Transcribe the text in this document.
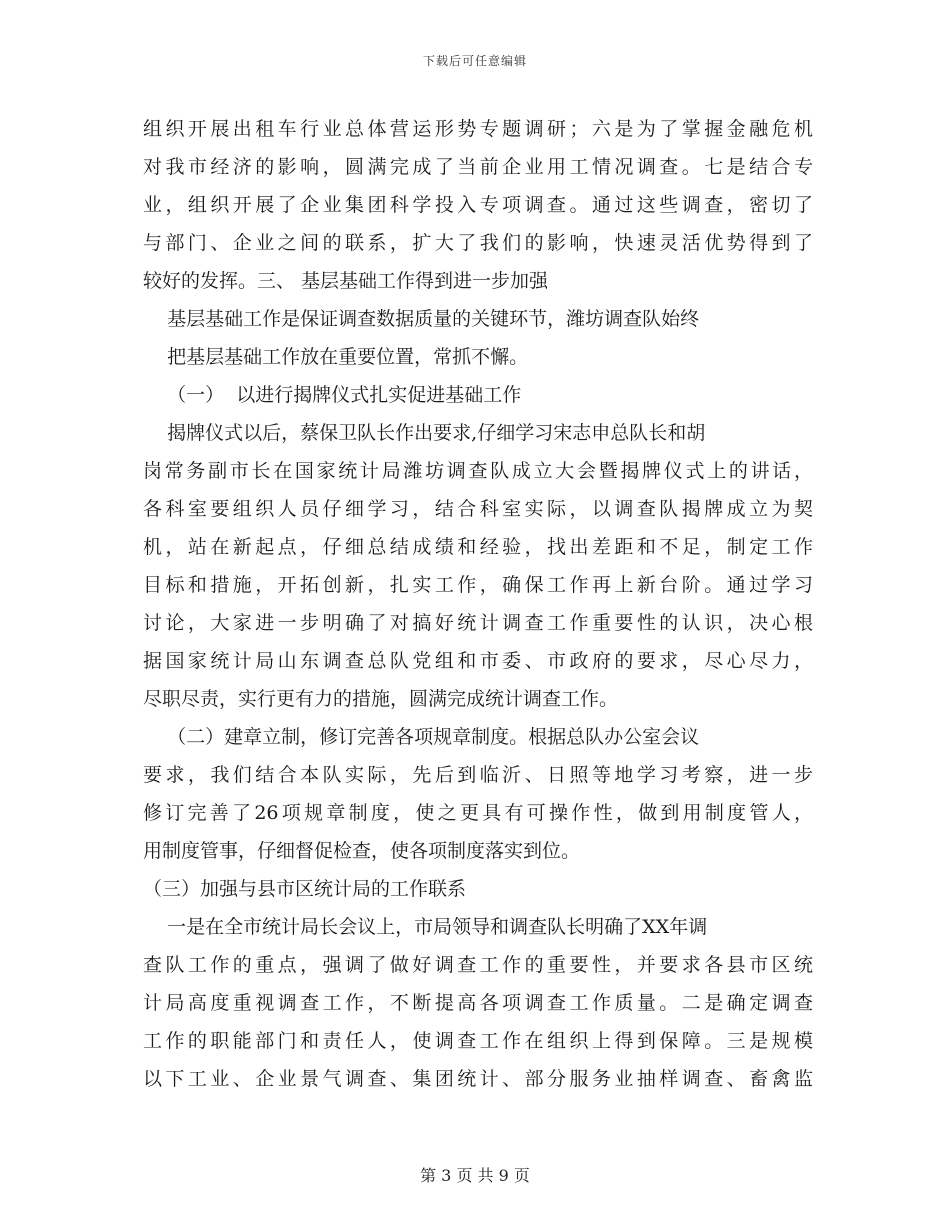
下载后可任意编辑
组织开展出租车行业总体营运形势专题调研；六是为了掌握金融危机
对我市经济的影响，圆满完成了当前企业用工情况调查。七是结合专
业，组织开展了企业集团科学投入专项调查。通过这些调查，密切了
与部门、企业之间的联系，扩大了我们的影响，快速灵活优势得到了
较好的发挥。三、 基层基础工作得到进一步加强
基层基础工作是保证调查数据质量的关键环节，潍坊调查队始终
把基层基础工作放在重要位置，常抓不懈。
（一）  以进行揭牌仪式扎实促进基础工作
揭牌仪式以后，蔡保卫队长作出要求,仔细学习宋志申总队长和胡
岗常务副市长在国家统计局潍坊调查队成立大会暨揭牌仪式上的讲话，
各科室要组织人员仔细学习，结合科室实际，以调查队揭牌成立为契
机，站在新起点，仔细总结成绩和经验，找出差距和不足，制定工作
目标和措施，开拓创新，扎实工作，确保工作再上新台阶。通过学习
讨论，大家进一步明确了对搞好统计调查工作重要性的认识，决心根
据国家统计局山东调查总队党组和市委、市政府的要求，尽心尽力，
尽职尽责，实行更有力的措施，圆满完成统计调查工作。
（二）建章立制，修订完善各项规章制度。根据总队办公室会议
要求，我们结合本队实际，先后到临沂、日照等地学习考察，进一步
修订完善了26项规章制度，使之更具有可操作性，做到用制度管人，
用制度管事，仔细督促检查，使各项制度落实到位。
（三）加强与县市区统计局的工作联系
一是在全市统计局长会议上，市局领导和调查队长明确了XX年调
查队工作的重点，强调了做好调查工作的重要性，并要求各县市区统
计局高度重视调查工作，不断提高各项调查工作质量。二是确定调查
工作的职能部门和责任人，使调查工作在组织上得到保障。三是规模
以下工业、企业景气调查、集团统计、部分服务业抽样调查、畜禽监
第 3 页 共 9 页
